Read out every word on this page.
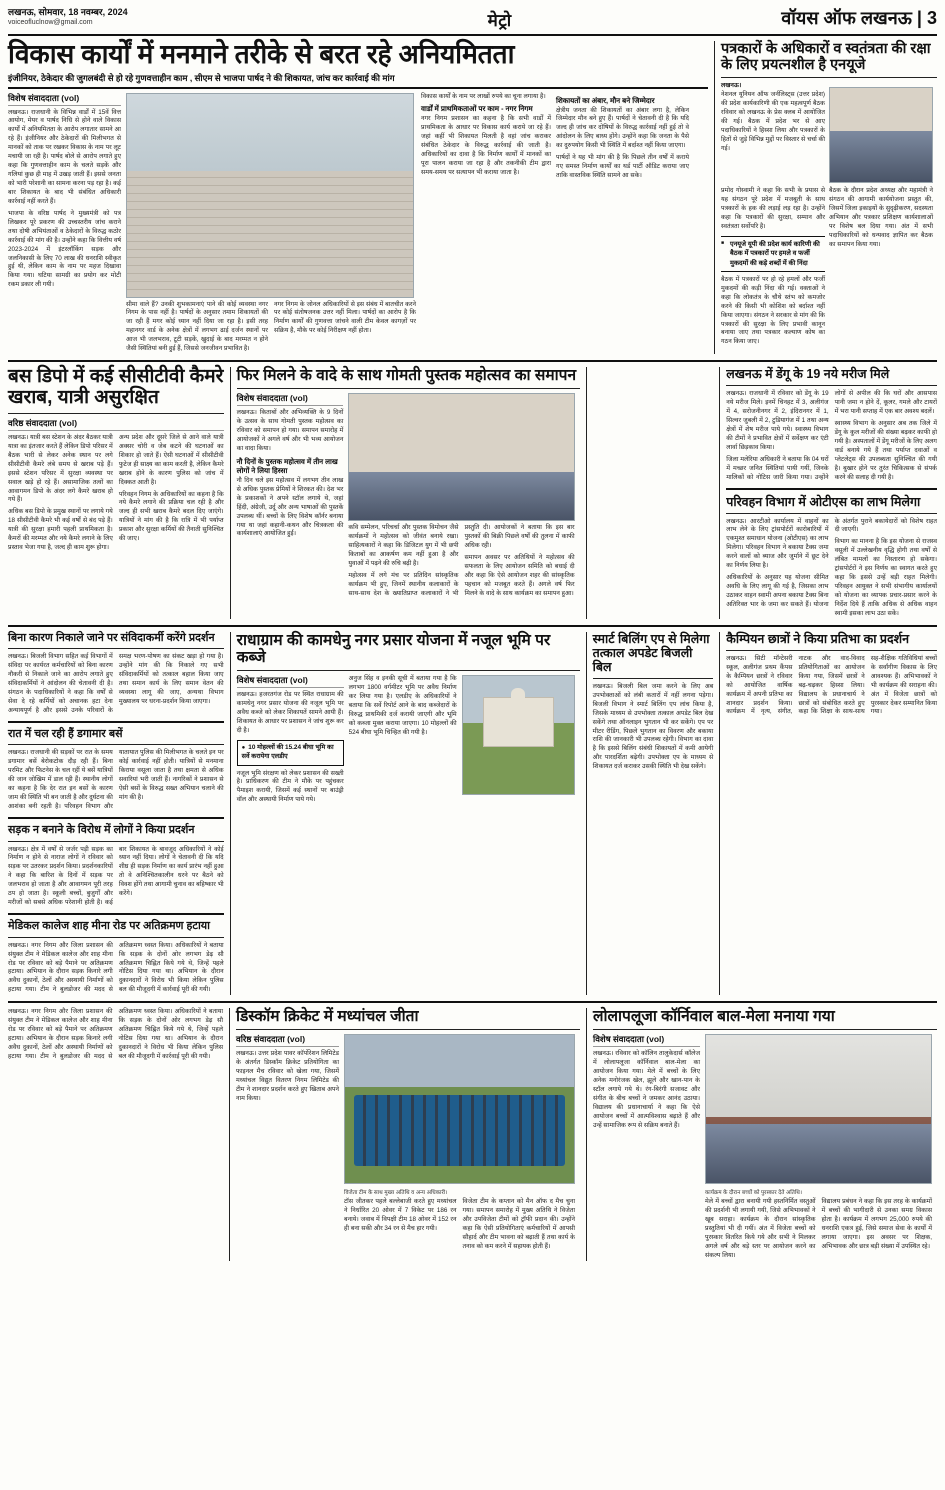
लखनऊ, सोमवार, 18 नवम्बर, 2024
voiceofluclnow@gmail.com	मेट्रो	वॉयस ऑफ लखनऊ | 3
विकास कार्यों में मनमाने तरीके से बरत रहे अनियमितता
इंजीनियर, ठेकेदार की जुगलबंदी से हो रहे गुणवत्ताहीन काम , सीएम से भाजपा पार्षद ने की शिकायत, जांच कर कार्रवाई की मांग
विशेष संवाददाता (vol)
लखनऊ। राजधानी के विभिन्न वार्डों में 15वें वित्त आयोग, मेयर व पार्षद निधि से होने वाले विकास कार्यों में अनियमितता के आरोप लगातार सामने आ रहे हैं। इंजीनियर और ठेकेदारों की मिलीभगत से मानकों को ताक पर रखकर विकास के नाम पर लूट मचायी जा रही है। पार्षद बोले से आरोप लगाते हुए कहा कि गुणवत्ताहीन काम के चलते सड़कें और गलियां कुछ ही माह में उखड़ जाती हैं। इससे जनता को भारी परेशानी का सामना करना पड़ रहा है। कई बार शिकायत के बाद भी संबंधित अधिकारी कार्रवाई नहीं करते हैं।
भाजपा के वरिष्ठ पार्षद ने मुख्यमंत्री को पत्र लिखकर पूरे प्रकरण की उच्चस्तरीय जांच कराने तथा दोषी अभियंताओं व ठेकेदारों के विरुद्ध कठोर कार्रवाई की मांग की है। उन्होंने कहा कि वित्तीय वर्ष 2023-2024 में इंटरलॉकिंग सड़क और जलनिकासी के लिए 70 लाख की धनराशि स्वीकृत हुई थी, लेकिन काम के नाम पर महज दिखावा किया गया। घटिया सामग्री का प्रयोग कर मोटी रकम डकार ली गयी।
सीमा वाले हैं? उनकी शुभकामनाएं पाने की कोई व्यवस्था नगर निगम के पास नहीं है। पार्षदों के अनुसार तमाम शिकायतों की जा रही हैं मगर कोई ध्यान नहीं दिया जा रहा है। इसी तरह महानगर वार्ड के अनेक क्षेत्रों में लगभग ढाई दर्जन स्थानों पर आज भी जलभराव, टूटी सड़कें, खुदाई के बाद मरम्मत न होने जैसी स्थितियां बनी हुई हैं, जिससे जनजीवन प्रभावित है।
नगर निगम के जोनल अधिकारियों से इस संबंध में बातचीत करने पर कोई संतोषजनक उत्तर नहीं मिला। पार्षदों का आरोप है कि निर्माण कार्यों की गुणवत्ता जांचने वाली टीम केवल कागज़ों पर सक्रिय है, मौके पर कोई निरीक्षण नहीं होता।
विकास कार्यों के नाम पर लाखों रुपये का चूना लगाया है।
वार्डों में प्राथमिकताओं पर काम - नगर निगम
नगर निगम प्रशासन का कहना है कि सभी वार्डों में प्राथमिकता के आधार पर विकास कार्य कराये जा रहे हैं। जहां कहीं भी शिकायत मिलती है वहां जांच कराकर संबंधित ठेकेदार के विरुद्ध कार्रवाई की जाती है। अधिकारियों का दावा है कि निर्माण कार्यों में मानकों का पूरा पालन कराया जा रहा है और तकनीकी टीम द्वारा समय-समय पर सत्यापन भी कराया जाता है।
शिकायतों का अंबार, मौन बने जिम्मेदार
क्षेत्रीय जनता की शिकायतों का अंबार लगा है, लेकिन जिम्मेदार मौन बने हुए हैं। पार्षदों ने चेतावनी दी है कि यदि जल्द ही जांच कर दोषियों के विरुद्ध कार्रवाई नहीं हुई तो वे आंदोलन के लिए बाध्य होंगे। उन्होंने कहा कि जनता के पैसे का दुरुपयोग किसी भी स्थिति में बर्दाश्त नहीं किया जाएगा।
पार्षदों ने यह भी मांग की है कि पिछले तीन वर्षों में कराये गए समस्त निर्माण कार्यों का थर्ड पार्टी ऑडिट कराया जाए ताकि वास्तविक स्थिति सामने आ सके।
पत्रकारों के अधिकारों व स्वतंत्रता की रक्षा के लिए प्रयत्नशील है एनयूजे
लखनऊ।
नेशनल यूनियन ऑफ जर्नलिस्ट्स (उत्तर प्रदेश) की प्रदेश कार्यकारिणी की एक महत्वपूर्ण बैठक रविवार को लखनऊ के प्रेस क्लब में आयोजित की गई। बैठक में प्रदेश भर से आए पदाधिकारियों ने हिस्सा लिया और पत्रकारों के हितों से जुड़े विभिन्न मुद्दों पर विस्तार से चर्चा की गई।
प्रमोद गोस्वामी ने कहा कि सभी के प्रयास से यह संगठन पूरे प्रदेश में मजबूती के साथ पत्रकारों के हक की लड़ाई लड़ रहा है। उन्होंने कहा कि पत्रकारों की सुरक्षा, सम्मान और स्वतंत्रता सर्वोपरि है।
■ एनयूजे यूपी की प्रदेश कार्य कारिणी की बैठक में पत्रकारों पर हमले व फर्जी मुकदमों की कड़े शब्दों में की निंदा
बैठक में पत्रकारों पर हो रहे हमलों और फर्जी मुकदमों की कड़ी निंदा की गई। वक्ताओं ने कहा कि लोकतंत्र के चौथे स्तंभ को कमजोर करने की किसी भी कोशिश को बर्दाश्त नहीं किया जाएगा। संगठन ने सरकार से मांग की कि पत्रकारों की सुरक्षा के लिए प्रभावी कानून बनाया जाए तथा पत्रकार कल्याण कोष का गठन किया जाए।
बैठक के दौरान प्रदेश अध्यक्ष और महामंत्री ने संगठन की आगामी कार्ययोजना प्रस्तुत की, जिसमें जिला इकाइयों के सुदृढ़ीकरण, सदस्यता अभियान और पत्रकार प्रशिक्षण कार्यशालाओं पर विशेष बल दिया गया। अंत में सभी पदाधिकारियों को धन्यवाद ज्ञापित कर बैठक का समापन किया गया।
बस डिपो में कई सीसीटीवी कैमरे खराब, यात्री असुरक्षित
वरिष्ठ संवाददाता (vol)
लखनऊ। यात्री बस स्टेशन के अंदर बैठकर यात्री यात्रा का इंतजार करते हैं लेकिन डिपो परिसर में बैठक भारी से लेकर अनेक स्थान पर लगे सीसीटीवी कैमरे लंबे समय से खराब पड़े हैं। इससे स्टेशन परिसर में सुरक्षा व्यवस्था पर सवाल खड़े हो रहे हैं। असामाजिक तत्वों का आवागमन डिपो के अंदर लगे कैमरे खराब हो गये हैं।
अधिक बस डिपो के प्रमुख स्थानों पर लगाये गये 18 सीसीटीवी कैमरे भी कई वर्षों से बंद पड़े हैं। यात्री की सुरक्षा हमारी पहली प्राथमिकता है। कैमरों की मरम्मत और नये कैमरे लगाने के लिए प्रस्ताव भेजा गया है, जल्द ही काम शुरू होगा।
अन्य प्रदेश और दूसरे जिले से आने वाले यात्री अक्सर चोरी व जेब कटने की घटनाओं का शिकार हो जाते हैं। ऐसी घटनाओं में सीसीटीवी फुटेज ही साक्ष्य का काम करती है, लेकिन कैमरे खराब होने के कारण पुलिस को जांच में दिक्कत आती है।
परिवहन निगम के अधिकारियों का कहना है कि नये कैमरे लगाने की प्रक्रिया चल रही है और जल्द ही सभी खराब कैमरे बदल दिए जाएंगे। यात्रियों ने मांग की है कि रात्रि में भी पर्याप्त प्रकाश और सुरक्षा कर्मियों की तैनाती सुनिश्चित की जाए।
फिर मिलने के वादे के साथ गोमती पुस्तक महोत्सव का समापन
विशेष संवाददाता (vol)
लखनऊ। किताबों और अभिव्यक्ति के 9 दिनों के उत्सव के साथ गोमती पुस्तक महोत्सव का रविवार को समापन हो गया। समापन समारोह में आयोजकों ने अगले वर्ष और भी भव्य आयोजन का वादा किया।
नौ दिनों के पुस्तक महोत्सव में तीन लाख लोगों ने लिया हिस्सा
नौ दिन चले इस महोत्सव में लगभग तीन लाख से अधिक पुस्तक प्रेमियों ने शिरकत की। देश भर के प्रकाशकों ने अपने स्टॉल लगाये थे, जहां हिंदी, अंग्रेजी, उर्दू और अन्य भाषाओं की पुस्तकें उपलब्ध थीं। बच्चों के लिए विशेष कॉर्नर बनाया गया था जहां कहानी-कथन और चित्रकला की कार्यशालाएं आयोजित हुईं।
कवि सम्मेलन, परिचर्चा और पुस्तक विमोचन जैसे कार्यक्रमों ने महोत्सव को जीवंत बनाये रखा। साहित्यकारों ने कहा कि डिजिटल युग में भी छपी किताबों का आकर्षण कम नहीं हुआ है और युवाओं में पढ़ने की रुचि बढ़ी है।
महोत्सव में लगे मंच पर प्रतिदिन सांस्कृतिक कार्यक्रम भी हुए, जिनमें स्थानीय कलाकारों के साथ-साथ देश के ख्यातिप्राप्त कलाकारों ने भी प्रस्तुति दी। आयोजकों ने बताया कि इस बार पुस्तकों की बिक्री पिछले वर्षों की तुलना में काफी अधिक रही।
समापन अवसर पर अतिथियों ने महोत्सव की सफलता के लिए आयोजन समिति को बधाई दी और कहा कि ऐसे आयोजन शहर की सांस्कृतिक पहचान को मजबूत करते हैं। अगले वर्ष फिर मिलने के वादे के साथ कार्यक्रम का समापन हुआ।
लखनऊ में डेंगू के 19 नये मरीज मिले
लखनऊ। राजधानी में रविवार को डेंगू के 19 नये मरीज मिले। इनमें चिनहट में 3, अलीगंज में 4, सरोजनीनगर में 2, इंदिरानगर में 1, सिल्वर जुबली में 2, टुडियागंज में 1 तथा अन्य क्षेत्रों में शेष मरीज पाये गये। स्वास्थ्य विभाग की टीमों ने प्रभावित क्षेत्रों में सर्वेक्षण कर एंटी लार्वा छिड़काव किया।
जिला मलेरिया अधिकारी ने बताया कि 04 घरों में मच्छर जनित स्थितियां पायी गयीं, जिनके मालिकों को नोटिस जारी किया गया। उन्होंने लोगों से अपील की कि घरों और आसपास पानी जमा न होने दें, कूलर, गमले और टायरों में भरा पानी सप्ताह में एक बार अवश्य बदलें।
स्वास्थ्य विभाग के अनुसार अब तक जिले में डेंगू के कुल मरीजों की संख्या बढ़कर काफी हो गयी है। अस्पतालों में डेंगू मरीजों के लिए अलग वार्ड बनाये गये हैं तथा पर्याप्त दवाओं व प्लेटलेट्स की उपलब्धता सुनिश्चित की गयी है। बुखार होने पर तुरंत चिकित्सक से संपर्क करने की सलाह दी गयी है।
परिवहन विभाग में ओटीएस का लाभ मिलेगा
लखनऊ। आरटीओ कार्यालय में वाहनों का लाभ लेने के लिए ट्रांसपोर्टरों कारोबारियों में एकमुश्त समाधान योजना (ओटीएस) का लाभ मिलेगा। परिवहन विभाग ने बकाया टैक्स जमा करने वालों को ब्याज और जुर्माने में छूट देने का निर्णय लिया है।
अधिकारियों के अनुसार यह योजना सीमित अवधि के लिए लागू की गई है, जिसका लाभ उठाकर वाहन स्वामी अपना बकाया टैक्स बिना अतिरिक्त भार के जमा कर सकते हैं। योजना के अंतर्गत पुराने बकायेदारों को विशेष राहत दी जाएगी।
विभाग का मानना है कि इस योजना से राजस्व वसूली में उल्लेखनीय वृद्धि होगी तथा वर्षों से लंबित मामलों का निस्तारण हो सकेगा। ट्रांसपोर्टरों ने इस निर्णय का स्वागत करते हुए कहा कि इससे उन्हें बड़ी राहत मिलेगी। परिवहन आयुक्त ने सभी संभागीय कार्यालयों को योजना का व्यापक प्रचार-प्रसार करने के निर्देश दिये हैं ताकि अधिक से अधिक वाहन स्वामी इसका लाभ उठा सकें।
बिना कारण निकाले जाने पर संविदाकर्मी करेंगे प्रदर्शन
लखनऊ। बिजली विभाग सहित कई विभागों में संविदा पर कार्यरत कर्मचारियों को बिना कारण नौकरी से निकाले जाने का आरोप लगाते हुए संविदाकर्मियों ने आंदोलन की चेतावनी दी है। संगठन के पदाधिकारियों ने कहा कि वर्षों से सेवा दे रहे कर्मियों को अचानक हटा देना अन्यायपूर्ण है और इससे उनके परिवारों के समक्ष भरण-पोषण का संकट खड़ा हो गया है। उन्होंने मांग की कि निकाले गए सभी संविदाकर्मियों को तत्काल बहाल किया जाए तथा समान कार्य के लिए समान वेतन की व्यवस्था लागू की जाए, अन्यथा विभाग मुख्यालय पर धरना-प्रदर्शन किया जाएगा।
रात में चल रही हैं डगामार बसें
लखनऊ। राजधानी की सड़कों पर रात के समय डगामार बसें बेरोकटोक दौड़ रही हैं। बिना परमिट और फिटनेस के चल रहीं ये बसें यात्रियों की जान जोखिम में डाल रही हैं। स्थानीय लोगों का कहना है कि देर रात इन बसों के कारण जाम की स्थिति भी बन जाती है और दुर्घटना की आशंका बनी रहती है। परिवहन विभाग और यातायात पुलिस की मिलीभगत के चलते इन पर कोई कार्रवाई नहीं होती। यात्रियों से मनमाना किराया वसूला जाता है तथा क्षमता से अधिक सवारियां भरी जाती हैं। नागरिकों ने प्रशासन से ऐसी बसों के विरुद्ध सख्त अभियान चलाने की मांग की है।
सड़क न बनाने के विरोध में लोगों ने किया प्रदर्शन
लखनऊ। क्षेत्र में वर्षों से जर्जर पड़ी सड़क का निर्माण न होने से नाराज लोगों ने रविवार को सड़क पर उतरकर प्रदर्शन किया। प्रदर्शनकारियों ने कहा कि बारिश के दिनों में सड़क पर जलभराव हो जाता है और आवागमन पूरी तरह ठप हो जाता है। स्कूली बच्चों, बुजुर्गों और मरीजों को सबसे अधिक परेशानी होती है। कई बार शिकायत के बावजूद अधिकारियों ने कोई ध्यान नहीं दिया। लोगों ने चेतावनी दी कि यदि शीघ्र ही सड़क निर्माण का कार्य प्रारंभ नहीं हुआ तो वे अनिश्चितकालीन धरने पर बैठने को विवश होंगे तथा आगामी चुनाव का बहिष्कार भी करेंगे।
मेडिकल कालेज शाह मीना रोड पर अतिक्रमण हटाया
लखनऊ। नगर निगम और जिला प्रशासन की संयुक्त टीम ने मेडिकल कालेज और शाह मीना रोड पर रविवार को बड़े पैमाने पर अतिक्रमण हटाया। अभियान के दौरान सड़क किनारे लगी अवैध दुकानों, ठेलों और अस्थायी निर्माणों को हटाया गया। टीम ने बुलडोजर की मदद से अतिक्रमण ध्वस्त किया। अधिकारियों ने बताया कि सड़क के दोनों ओर लगभग डेढ़ सौ अतिक्रमण चिह्नित किये गये थे, जिन्हें पहले नोटिस दिया गया था। अभियान के दौरान दुकानदारों ने विरोध भी किया लेकिन पुलिस बल की मौजूदगी में कार्रवाई पूरी की गयी।
राधाग्राम की कामधेनु नगर प्रसार योजना में नजूल भूमि पर कब्जे
विशेष संवाददाता (vol)
लखनऊ। हजरतगंज रोड पर स्थित राधाग्राम की कामधेनु नगर प्रसार योजना की नजूल भूमि पर अवैध कब्जे को लेकर शिकायतें सामने आयी हैं। शिकायत के आधार पर प्रशासन ने जांच शुरू कर दी है।
● 10 मोहल्लों की 15.24 बीघा भूमि का सर्वे करायेगा एलडीए
नजूल भूमि संरक्षण को लेकर प्रशासन की सख्ती है। प्राधिकरण की टीम ने मौके पर पहुंचकर पैमाइश करायी, जिसमें कई स्थानों पर बाउंड्री वॉल और अस्थायी निर्माण पाये गये।
अनुज सिंह व इनकी सूची में बताया गया है कि लगभग 1800 वर्गमीटर भूमि पर अवैध निर्माण कर लिया गया है। एलडीए के अधिकारियों ने बताया कि सर्वे रिपोर्ट आने के बाद कब्जेदारों के विरुद्ध प्राथमिकी दर्ज करायी जाएगी और भूमि को कब्जा मुक्त कराया जाएगा। 10 मोहल्लों की 524 बीघा भूमि चिन्हित की गयी है।
स्मार्ट बिलिंग एप से मिलेगा तत्काल अपडेट बिजली बिल
लखनऊ। बिजली बिल जमा करने के लिए अब उपभोक्ताओं को लंबी कतारों में नहीं लगना पड़ेगा। बिजली विभाग ने स्मार्ट बिलिंग एप लांच किया है, जिसके माध्यम से उपभोक्ता तत्काल अपडेट बिल देख सकेंगे तथा ऑनलाइन भुगतान भी कर सकेंगे। एप पर मीटर रीडिंग, पिछले भुगतान का विवरण और बकाया राशि की जानकारी भी उपलब्ध रहेगी। विभाग का दावा है कि इससे बिलिंग संबंधी शिकायतों में कमी आयेगी और पारदर्शिता बढ़ेगी। उपभोक्ता एप के माध्यम से शिकायत दर्ज कराकर उसकी स्थिति भी देख सकेंगे।
कैम्पियन छात्रों ने किया प्रतिभा का प्रदर्शन
लखनऊ। सिटी मॉन्टेसरी स्कूल, अलीगंज प्रथम कैंपस के कैम्पियन छात्रों ने रविवार को आयोजित वार्षिक कार्यक्रम में अपनी प्रतिभा का शानदार प्रदर्शन किया। कार्यक्रम में नृत्य, संगीत, नाटक और वाद-विवाद प्रतियोगिताओं का आयोजन किया गया, जिसमें छात्रों ने बढ़-चढ़कर हिस्सा लिया। विद्यालय के प्रधानाचार्य ने छात्रों को संबोधित करते हुए कहा कि शिक्षा के साथ-साथ सह-शैक्षिक गतिविधियां बच्चों के सर्वांगीण विकास के लिए आवश्यक हैं। अभिभावकों ने भी कार्यक्रम की सराहना की। अंत में विजेता छात्रों को पुरस्कार देकर सम्मानित किया गया।
लखनऊ। नगर निगम और जिला प्रशासन की संयुक्त टीम ने मेडिकल कालेज और शाह मीना रोड पर रविवार को बड़े पैमाने पर अतिक्रमण हटाया। अभियान के दौरान सड़क किनारे लगी अवैध दुकानों, ठेलों और अस्थायी निर्माणों को हटाया गया। टीम ने बुलडोजर की मदद से अतिक्रमण ध्वस्त किया। अधिकारियों ने बताया कि सड़क के दोनों ओर लगभग डेढ़ सौ अतिक्रमण चिह्नित किये गये थे, जिन्हें पहले नोटिस दिया गया था। अभियान के दौरान दुकानदारों ने विरोध भी किया लेकिन पुलिस बल की मौजूदगी में कार्रवाई पूरी की गयी।
डिस्कॉम क्रिकेट में मध्यांचल जीता
वरिष्ठ संवाददाता (vol)
लखनऊ। उत्तर प्रदेश पावर कॉर्पोरेशन लिमिटेड के अंतर्गत डिस्कॉम क्रिकेट प्रतियोगिता का फाइनल मैच रविवार को खेला गया, जिसमें मध्यांचल विद्युत वितरण निगम लिमिटेड की टीम ने शानदार प्रदर्शन करते हुए खिताब अपने नाम किया।
विजेता टीम के साथ मुख्य अतिथि व अन्य अधिकारी।
टॉस जीतकर पहले बल्लेबाजी करते हुए मध्यांचल ने निर्धारित 20 ओवर में 7 विकेट पर 186 रन बनाये। जवाब में विपक्षी टीम 18 ओवर में 152 रन ही बना सकी और 34 रन से मैच हार गयी।
विजेता टीम के कप्तान को मैन ऑफ द मैच चुना गया। समापन समारोह में मुख्य अतिथि ने विजेता और उपविजेता टीमों को ट्रॉफी प्रदान की। उन्होंने कहा कि ऐसी प्रतियोगिताएं कर्मचारियों में आपसी सौहार्द और टीम भावना को बढ़ाती हैं तथा कार्य के तनाव को कम करने में सहायक होती हैं।
लोलापलूजा कॉर्निवाल बाल-मेला मनाया गया
विशेष संवाददाता (vol)
लखनऊ। रविवार को कॉलिन तालुकेदार्स कॉलेज में लोलापलूजा कॉर्निवाल बाल-मेला का आयोजन किया गया। मेले में बच्चों के लिए अनेक मनोरंजक खेल, झूले और खान-पान के स्टॉल लगाये गये थे। रंग-बिरंगी सजावट और संगीत के बीच बच्चों ने जमकर आनंद उठाया। विद्यालय की प्रधानाचार्या ने कहा कि ऐसे आयोजन बच्चों में आत्मविश्वास बढ़ाते हैं और उन्हें सामाजिक रूप से सक्रिय बनाते हैं।
कार्यक्रम के दौरान बच्चों को पुरस्कार देते अतिथि।
मेले में बच्चों द्वारा बनायी गयी हस्तनिर्मित वस्तुओं की प्रदर्शनी भी लगायी गयी, जिसे अभिभावकों ने खूब सराहा। कार्यक्रम के दौरान सांस्कृतिक प्रस्तुतियां भी दी गयीं। अंत में विजेता बच्चों को पुरस्कार वितरित किये गये और सभी ने मिलकर अगले वर्ष और बड़े स्तर पर आयोजन करने का संकल्प लिया।
विद्यालय प्रबंधन ने कहा कि इस तरह के कार्यक्रमों में बच्चों की भागीदारी से उनका समग्र विकास होता है। कार्यक्रम में लगभग 25,000 रुपये की धनराशि एकत्र हुई, जिसे समाज सेवा के कार्यों में लगाया जाएगा। इस अवसर पर शिक्षक, अभिभावक और छात्र बड़ी संख्या में उपस्थित रहे।
